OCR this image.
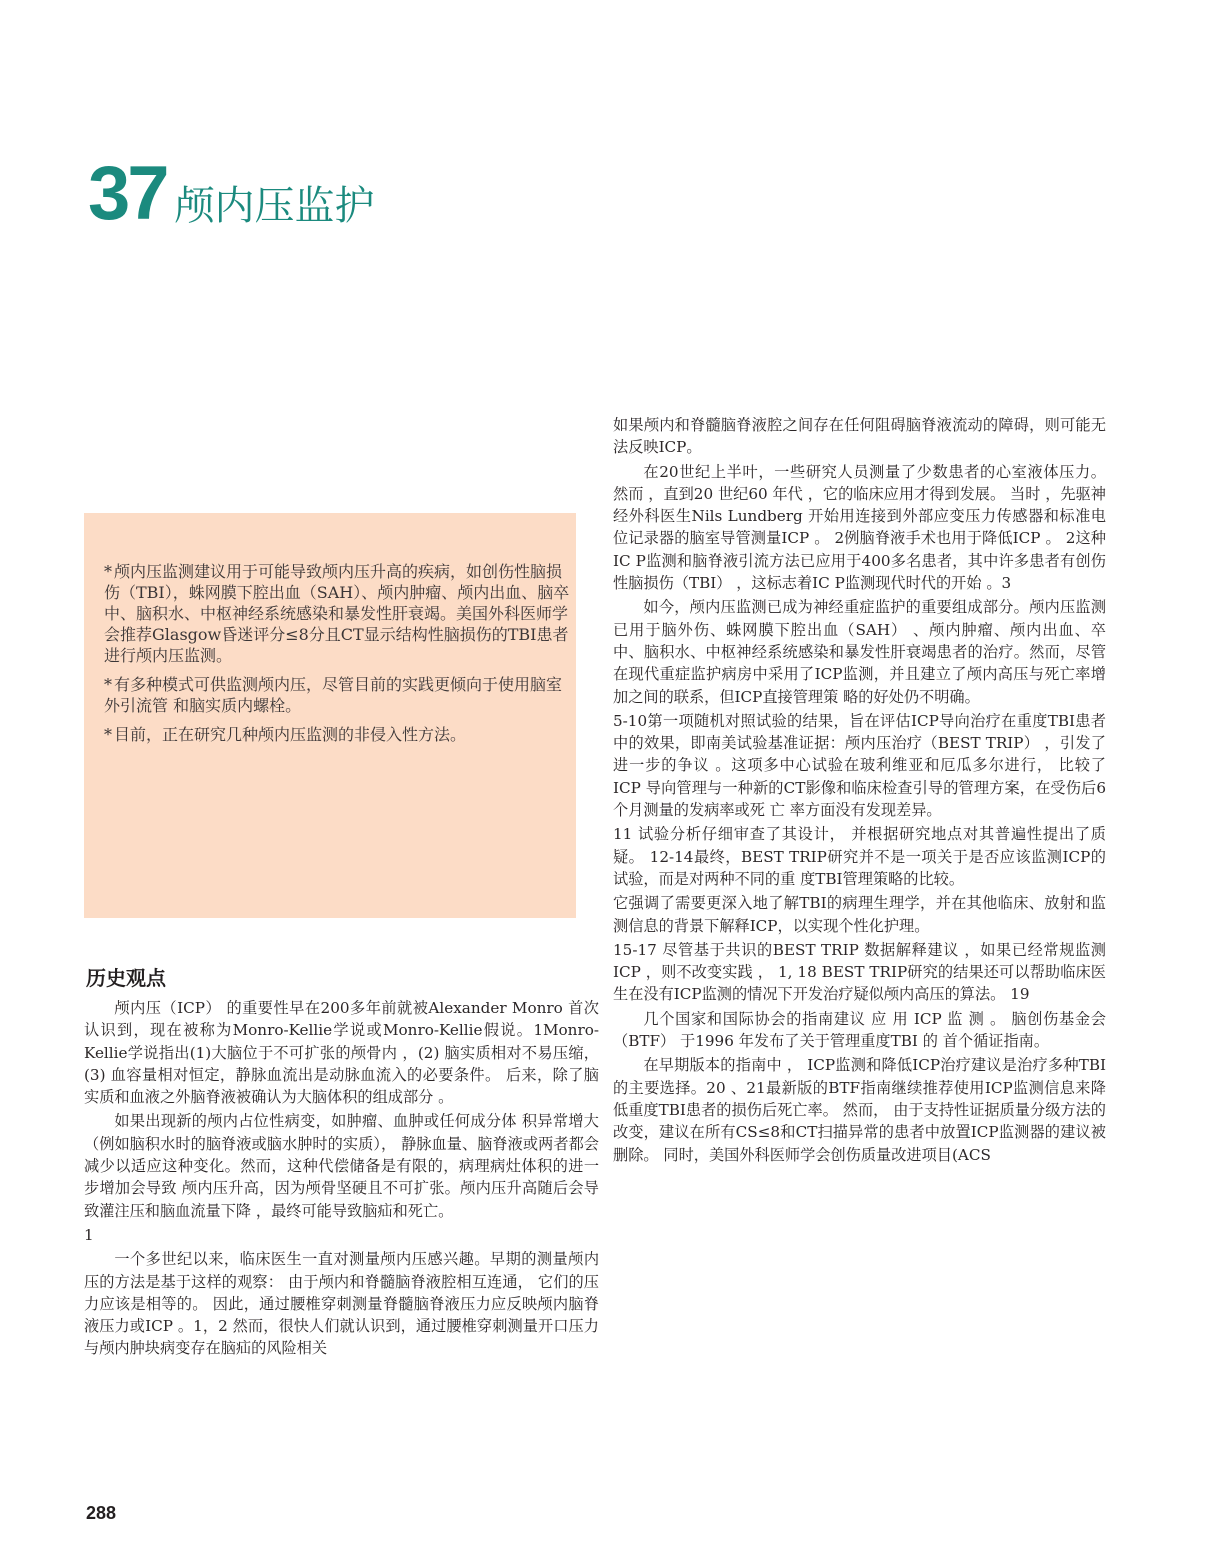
37 颅内压监护

* 颅内压监测建议用于可能导致颅内压升高的疾病，如创伤性脑损伤（TBI），蛛网膜下腔出血（SAH）、颅内肿瘤、颅内出血、脑卒中、脑积水、中枢神经系统感染和暴发性肝衰竭。美国外科医师学会推荐Glasgow昏迷评分≤8分且CT显示结构性脑损伤的TBI患者进行颅内压监测。

* 有多种模式可供监测颅内压，尽管目前的实践更倾向于使用脑室外引流管 和脑实质内螺栓。

* 目前，正在研究几种颅内压监测的非侵入性方法。

历史观点

颅内压（ICP） 的重要性早在200多年前就被Alexander Monro 首次认识到，现在被称为Monro-Kellie学说或Monro-Kellie假说。1Monro-Kellie学说指出(1)大脑位于不可扩张的颅骨内 ，(2) 脑实质相对不易压缩，(3) 血容量相对恒定，静脉血流出是动脉血流入的必要条件。 后来，除了脑实质和血液之外脑脊液被确认为大脑体积的组成部分 。

如果出现新的颅内占位性病变，如肿瘤、血肿或任何成分体 积异常增大（例如脑积水时的脑脊液或脑水肿时的实质）， 静脉血量、脑脊液或两者都会减少以适应这种变化。然而，这种代偿储备是有限的，病理病灶体积的进一步增加会导致 颅内压升高，因为颅骨坚硬且不可扩张。颅内压升高随后会导致灌注压和脑血流量下降 ，最终可能导致脑疝和死亡。

1

一个多世纪以来，临床医生一直对测量颅内压感兴趣。早期的测量颅内压的方法是基于这样的观察： 由于颅内和脊髓脑脊液腔相互连通， 它们的压力应该是相等的。 因此，通过腰椎穿刺测量脊髓脑脊液压力应反映颅内脑脊液压力或ICP 。1，2 然而，很快人们就认识到，通过腰椎穿刺测量开口压力与颅内肿块病变存在脑疝的风险相关

如果颅内和脊髓脑脊液腔之间存在任何阻碍脑脊液流动的障碍，则可能无法反映ICP。

在20世纪上半叶，一些研究人员测量了少数患者的心室液体压力。 然而 ，直到20 世纪60 年代 ，它的临床应用才得到发展。 当时 ，先驱神经外科医生Nils Lundberg 开始用连接到外部应变压力传感器和标准电 位记录器的脑室导管测量ICP 。 2例脑脊液手术也用于降低ICP 。 2这种IC P监测和脑脊液引流方法已应用于400多名患者，其中许多患者有创伤性脑损伤（TBI） ，这标志着IC P监测现代时代的开始 。3

如今，颅内压监测已成为神经重症监护的重要组成部分。颅内压监测已用于脑外伤、蛛网膜下腔出血（SAH） 、颅内肿瘤、颅内出血、卒中、脑积水、中枢神经系统感染和暴发性肝衰竭患者的治疗。然而，尽管在现代重症监护病房中采用了ICP监测，并且建立了颅内高压与死亡率增加之间的联系，但ICP直接管理策 略的好处仍不明确。

5-10第一项随机对照试验的结果，旨在评估ICP导向治疗在重度TBI患者中的效果，即南美试验基准证据：颅内压治疗（BEST TRIP） ，引发了进一步的争议 。这项多中心试验在玻利维亚和厄瓜多尔进行， 比较了ICP 导向管理与一种新的CT影像和临床检查引导的管理方案，在受伤后6个月测量的发病率或死 亡 率方面没有发现差异。

11 试验分析仔细审查了其设计， 并根据研究地点对其普遍性提出了质疑。 12-14最终，BEST TRIP研究并不是一项关于是否应该监测ICP的试验，而是对两种不同的重 度TBI管理策略的比较。

它强调了需要更深入地了解TBI的病理生理学，并在其他临床、放射和监测信息的背景下解释ICP，以实现个性化护理。

15-17 尽管基于共识的BEST TRIP 数据解释建议 ，如果已经常规监测ICP ，则不改变实践 ， 1, 18 BEST TRIP研究的结果还可以帮助临床医生在没有ICP监测的情况下开发治疗疑似颅内高压的算法。 19

几个国家和国际协会的指南建议 应 用 ICP 监 测 。 脑创伤基金会（BTF） 于1996 年发布了关于管理重度TBI 的 首个循证指南。

在早期版本的指南中 ， ICP监测和降低ICP治疗建议是治疗多种TBI的主要选择。20 、21最新版的BTF指南继续推荐使用ICP监测信息来降低重度TBI患者的损伤后死亡率。 然而， 由于支持性证据质量分级方法的改变，建议在所有CS≤8和CT扫描异常的患者中放置ICP监测器的建议被删除。 同时，美国外科医师学会创伤质量改进项目(ACS

288
